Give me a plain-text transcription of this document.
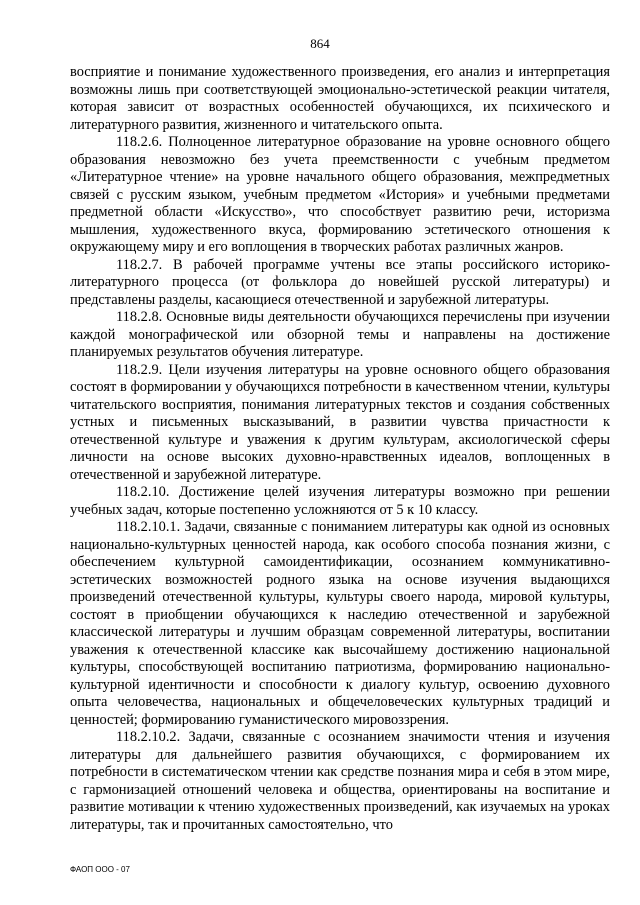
864

восприятие и понимание художественного произведения, его анализ и интерпретация возможны лишь при соответствующей эмоционально-эстетической реакции читателя, которая зависит от возрастных особенностей обучающихся, их психического и литературного развития, жизненного и читательского опыта.

118.2.6. Полноценное литературное образование на уровне основного общего образования невозможно без учета преемственности с учебным предметом «Литературное чтение» на уровне начального общего образования, межпредметных связей с русским языком, учебным предметом «История» и учебными предметами предметной области «Искусство», что способствует развитию речи, историзма мышления, художественного вкуса, формированию эстетического отношения к окружающему миру и его воплощения в творческих работах различных жанров.

118.2.7. В рабочей программе учтены все этапы российского историко-литературного процесса (от фольклора до новейшей русской литературы) и представлены разделы, касающиеся отечественной и зарубежной литературы.

118.2.8. Основные виды деятельности обучающихся перечислены при изучении каждой монографической или обзорной темы и направлены на достижение планируемых результатов обучения литературе.

118.2.9. Цели изучения литературы на уровне основного общего образования состоят в формировании у обучающихся потребности в качественном чтении, культуры читательского восприятия, понимания литературных текстов и создания собственных устных и письменных высказываний, в развитии чувства причастности к отечественной культуре и уважения к другим культурам, аксиологической сферы личности на основе высоких духовно-нравственных идеалов, воплощенных в отечественной и зарубежной литературе.

118.2.10. Достижение целей изучения литературы возможно при решении учебных задач, которые постепенно усложняются от 5 к 10 классу.

118.2.10.1. Задачи, связанные с пониманием литературы как одной из основных национально-культурных ценностей народа, как особого способа познания жизни, с обеспечением культурной самоидентификации, осознанием коммуникативно-эстетических возможностей родного языка на основе изучения выдающихся произведений отечественной культуры, культуры своего народа, мировой культуры, состоят в приобщении обучающихся к наследию отечественной и зарубежной классической литературы и лучшим образцам современной литературы, воспитании уважения к отечественной классике как высочайшему достижению национальной культуры, способствующей воспитанию патриотизма, формированию национально-культурной идентичности и способности к диалогу культур, освоению духовного опыта человечества, национальных и общечеловеческих культурных традиций и ценностей; формированию гуманистического мировоззрения.

118.2.10.2. Задачи, связанные с осознанием значимости чтения и изучения литературы для дальнейшего развития обучающихся, с формированием их потребности в систематическом чтении как средстве познания мира и себя в этом мире, с гармонизацией отношений человека и общества, ориентированы на воспитание и развитие мотивации к чтению художественных произведений, как изучаемых на уроках литературы, так и прочитанных самостоятельно, что

ФАОП ООО - 07
